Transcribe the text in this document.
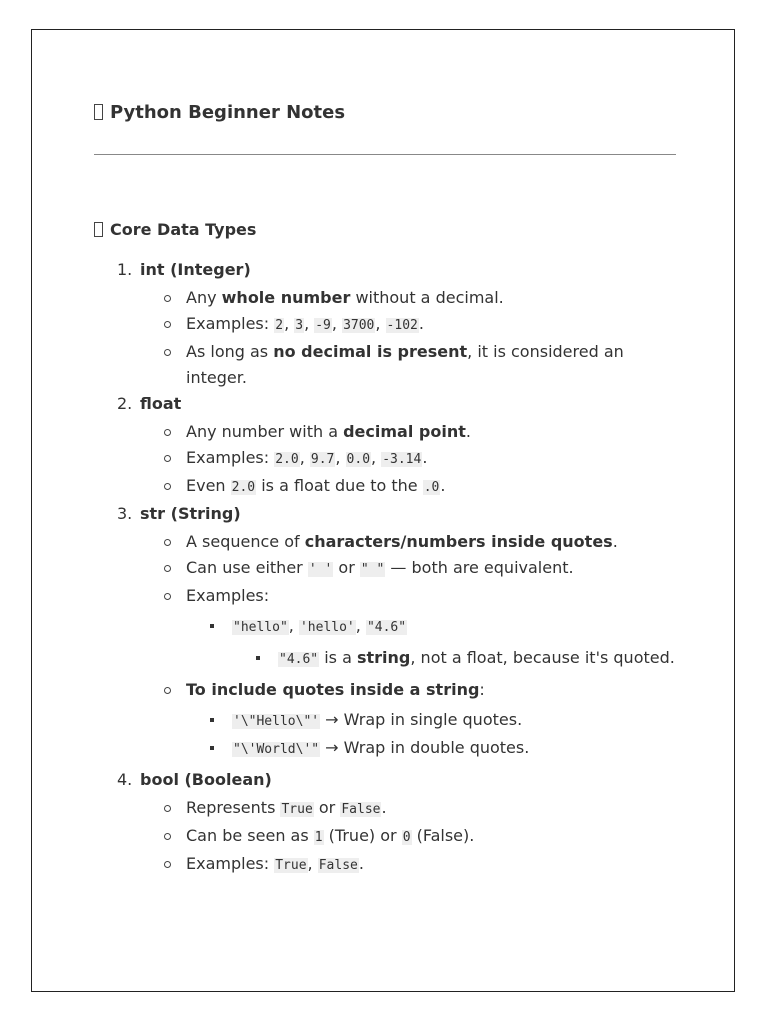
Python Beginner Notes
Core Data Types
1. int (Integer)
Any whole number without a decimal.
Examples: 2, 3, -9, 3700, -102.
As long as no decimal is present, it is considered an integer.
2. float
Any number with a decimal point.
Examples: 2.0, 9.7, 0.0, -3.14.
Even 2.0 is a float due to the .0.
3. str (String)
A sequence of characters/numbers inside quotes.
Can use either ' ' or " " — both are equivalent.
Examples:
"hello", 'hello', "4.6"
"4.6" is a string, not a float, because it's quoted.
To include quotes inside a string:
'\"Hello\"' → Wrap in single quotes.
"\'World\'" → Wrap in double quotes.
4. bool (Boolean)
Represents True or False.
Can be seen as 1 (True) or 0 (False).
Examples: True, False.
